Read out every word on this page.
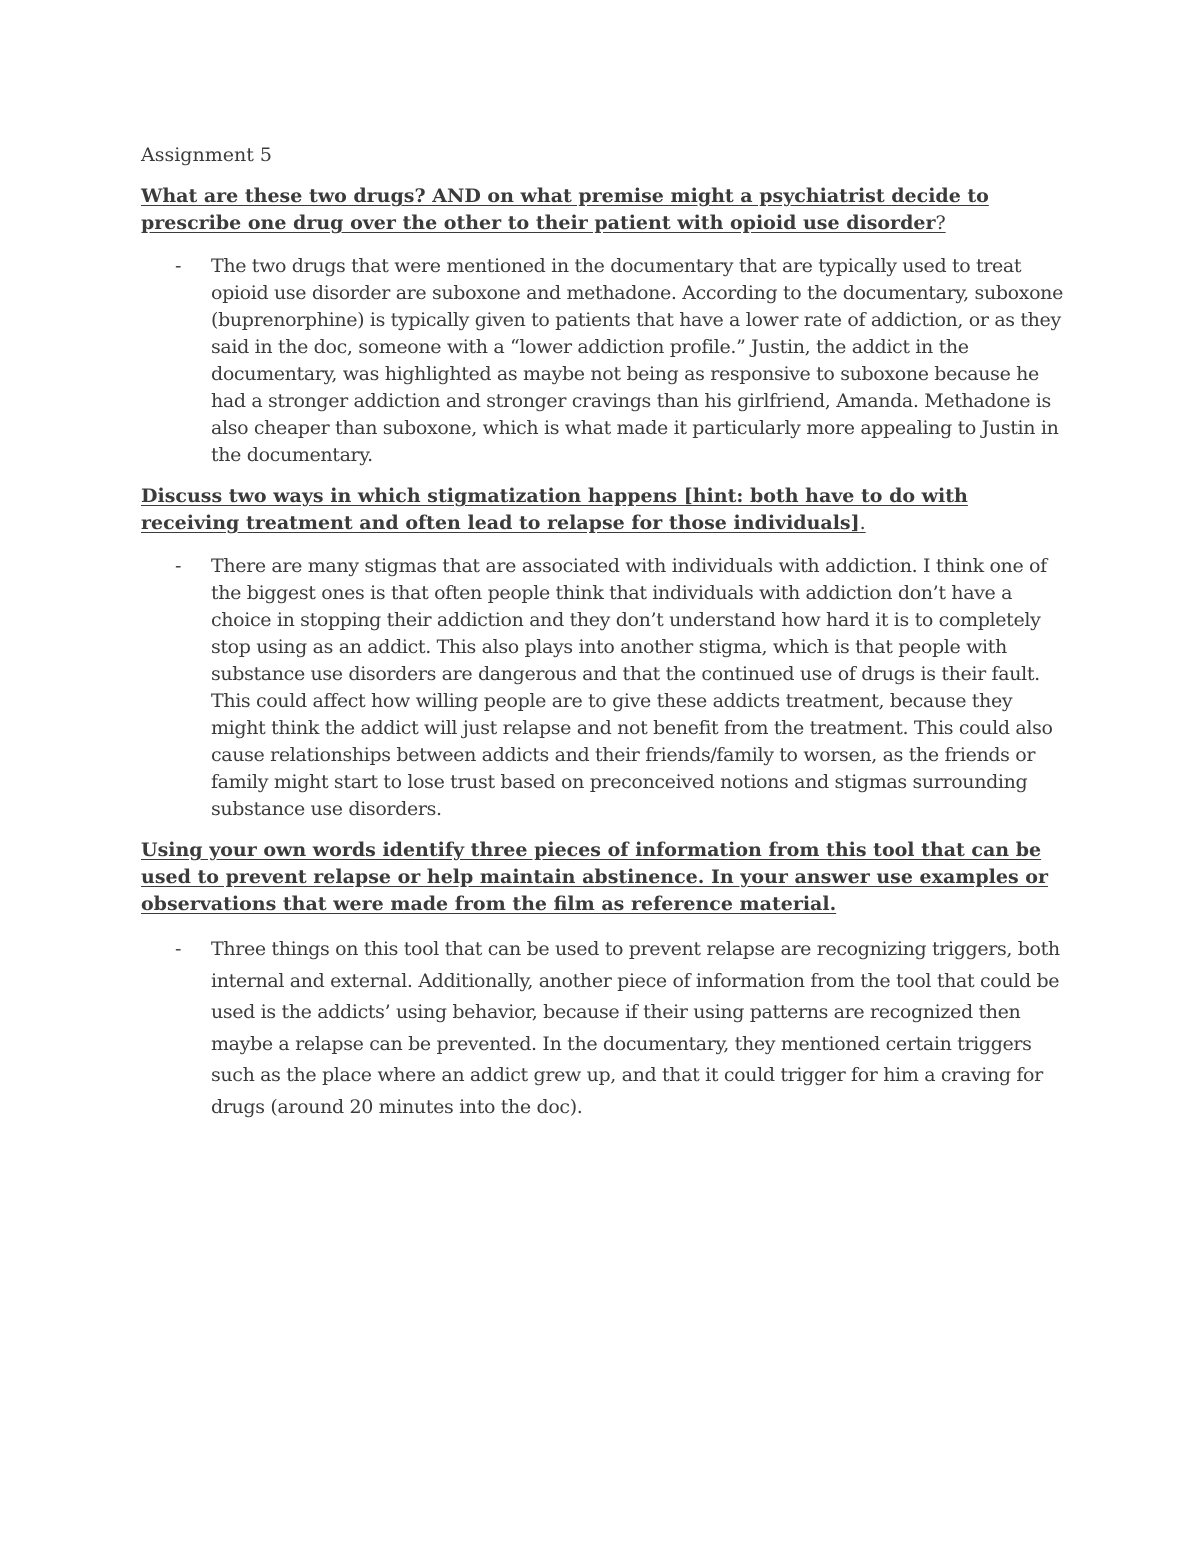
Assignment 5
What are these two drugs? AND on what premise might a psychiatrist decide to prescribe one drug over the other to their patient with opioid use disorder?
- The two drugs that were mentioned in the documentary that are typically used to treat opioid use disorder are suboxone and methadone. According to the documentary, suboxone (buprenorphine) is typically given to patients that have a lower rate of addiction, or as they said in the doc, someone with a “lower addiction profile.” Justin, the addict in the documentary, was highlighted as maybe not being as responsive to suboxone because he had a stronger addiction and stronger cravings than his girlfriend, Amanda. Methadone is also cheaper than suboxone, which is what made it particularly more appealing to Justin in the documentary.

Discuss two ways in which stigmatization happens [hint: both have to do with receiving treatment and often lead to relapse for those individuals].
- There are many stigmas that are associated with individuals with addiction. I think one of the biggest ones is that often people think that individuals with addiction don’t have a choice in stopping their addiction and they don’t understand how hard it is to completely stop using as an addict. This also plays into another stigma, which is that people with substance use disorders are dangerous and that the continued use of drugs is their fault. This could affect how willing people are to give these addicts treatment, because they might think the addict will just relapse and not benefit from the treatment. This could also cause relationships between addicts and their friends/family to worsen, as the friends or family might start to lose trust based on preconceived notions and stigmas surrounding substance use disorders.

Using your own words identify three pieces of information from this tool that can be used to prevent relapse or help maintain abstinence. In your answer use examples or observations that were made from the film as reference material.
- Three things on this tool that can be used to prevent relapse are recognizing triggers, both internal and external. Additionally, another piece of information from the tool that could be used is the addicts’ using behavior, because if their using patterns are recognized then maybe a relapse can be prevented. In the documentary, they mentioned certain triggers such as the place where an addict grew up, and that it could trigger for him a craving for drugs (around 20 minutes into the doc).
